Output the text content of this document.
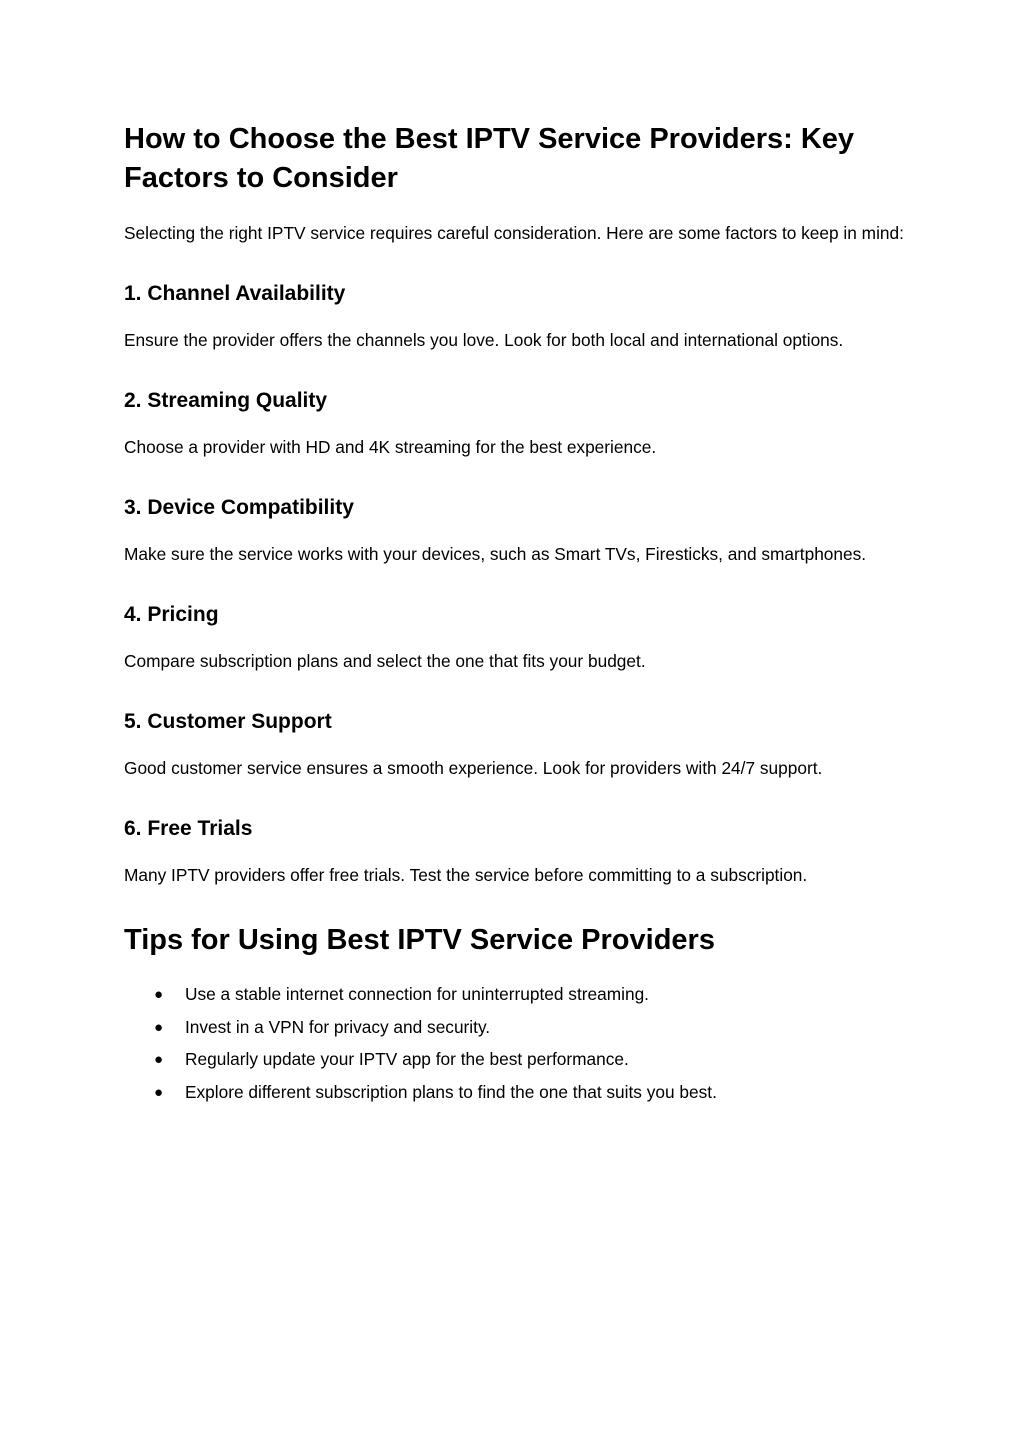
How to Choose the Best IPTV Service Providers: Key Factors to Consider

Selecting the right IPTV service requires careful consideration. Here are some factors to keep in mind:

1. Channel Availability

Ensure the provider offers the channels you love. Look for both local and international options.

2. Streaming Quality

Choose a provider with HD and 4K streaming for the best experience.

3. Device Compatibility

Make sure the service works with your devices, such as Smart TVs, Firesticks, and smartphones.

4. Pricing

Compare subscription plans and select the one that fits your budget.

5. Customer Support

Good customer service ensures a smooth experience. Look for providers with 24/7 support.

6. Free Trials

Many IPTV providers offer free trials. Test the service before committing to a subscription.

Tips for Using Best IPTV Service Providers
● Use a stable internet connection for uninterrupted streaming.
● Invest in a VPN for privacy and security.
● Regularly update your IPTV app for the best performance.
● Explore different subscription plans to find the one that suits you best.
